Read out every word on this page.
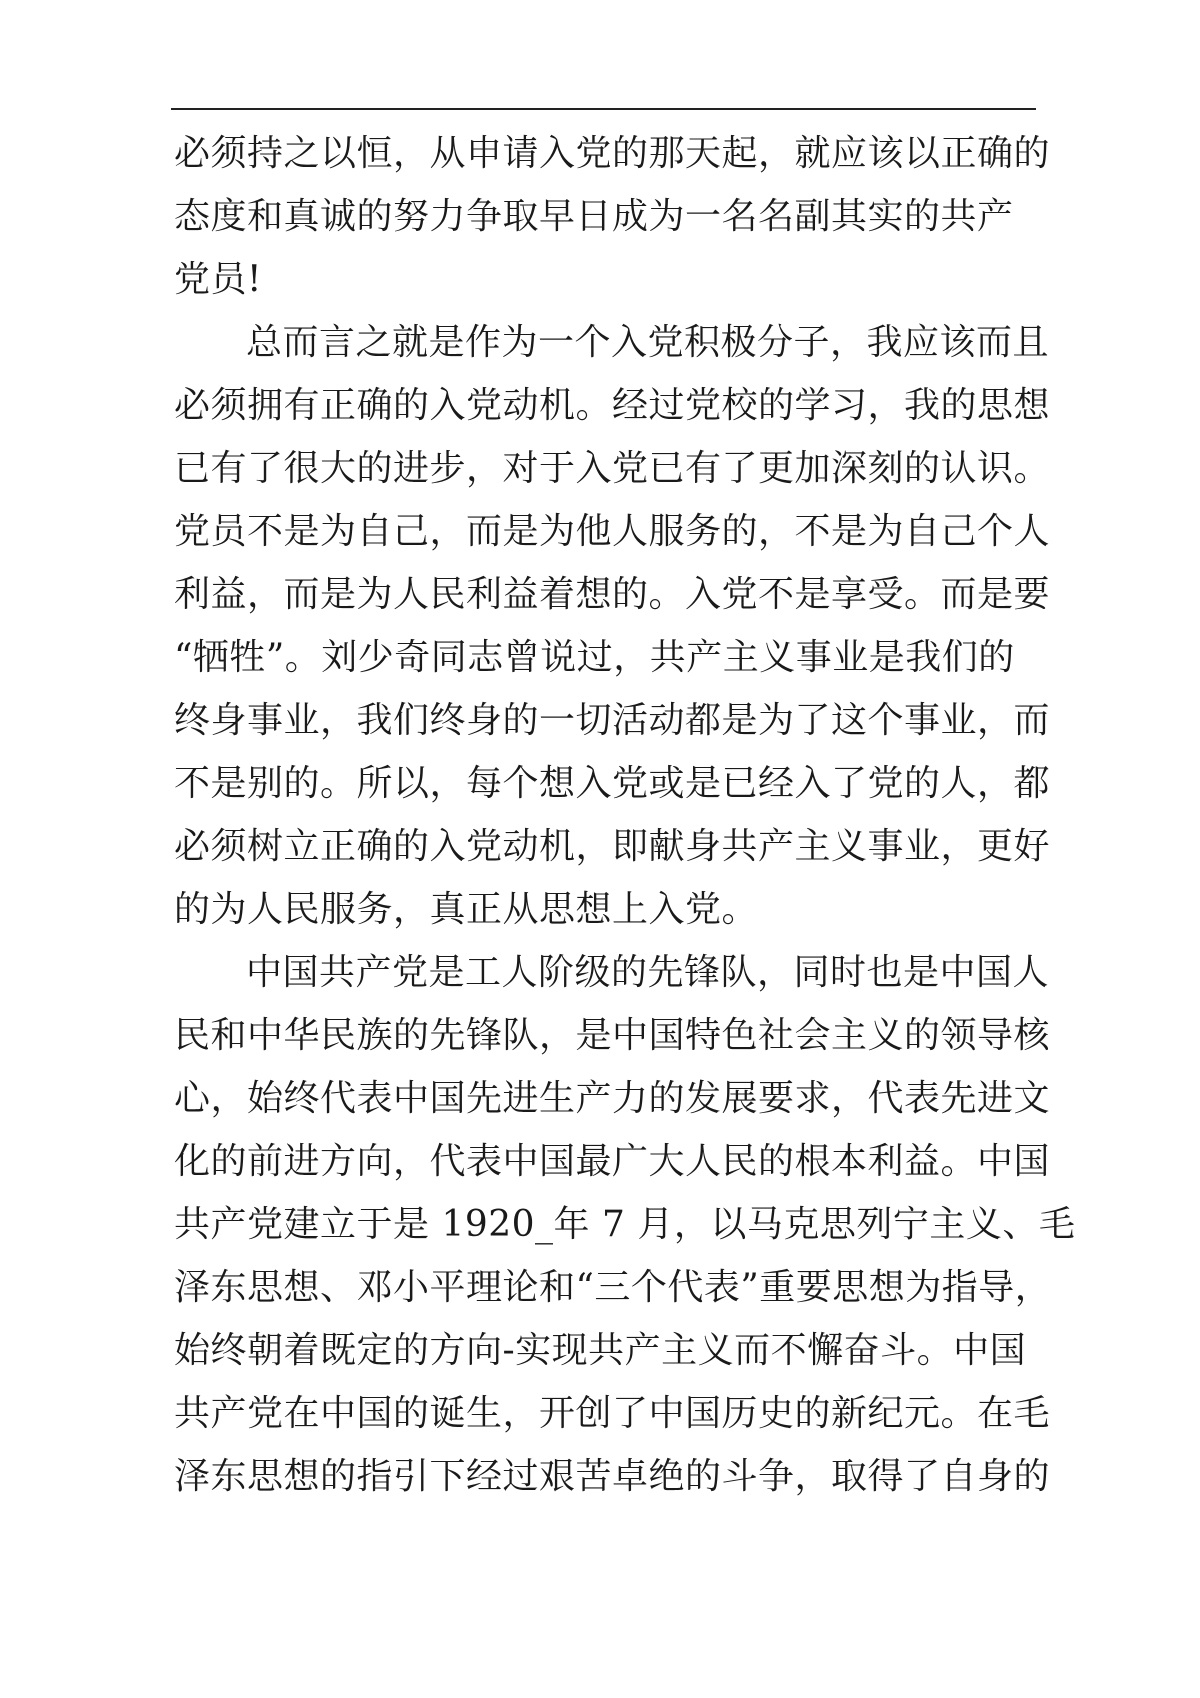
必须持之以恒，从申请入党的那天起，就应该以正确的
态度和真诚的努力争取早日成为一名名副其实的共产
党员!
总而言之就是作为一个入党积极分子，我应该而且
必须拥有正确的入党动机。经过党校的学习，我的思想
已有了很大的进步，对于入党已有了更加深刻的认识。
党员不是为自己，而是为他人服务的，不是为自己个人
利益，而是为人民利益着想的。入党不是享受。而是要
“牺牲”。刘少奇同志曾说过，共产主义事业是我们的
终身事业，我们终身的一切活动都是为了这个事业，而
不是别的。所以，每个想入党或是已经入了党的人，都
必须树立正确的入党动机，即献身共产主义事业，更好
的为人民服务，真正从思想上入党。
中国共产党是工人阶级的先锋队，同时也是中国人
民和中华民族的先锋队，是中国特色社会主义的领导核
心，始终代表中国先进生产力的发展要求，代表先进文
化的前进方向，代表中国最广大人民的根本利益。中国
共产党建立于是 1920_年 7 月，以马克思列宁主义、毛
泽东思想、邓小平理论和“三个代表”重要思想为指导，
始终朝着既定的方向-实现共产主义而不懈奋斗。中国
共产党在中国的诞生，开创了中国历史的新纪元。在毛
泽东思想的指引下经过艰苦卓绝的斗争，取得了自身的
